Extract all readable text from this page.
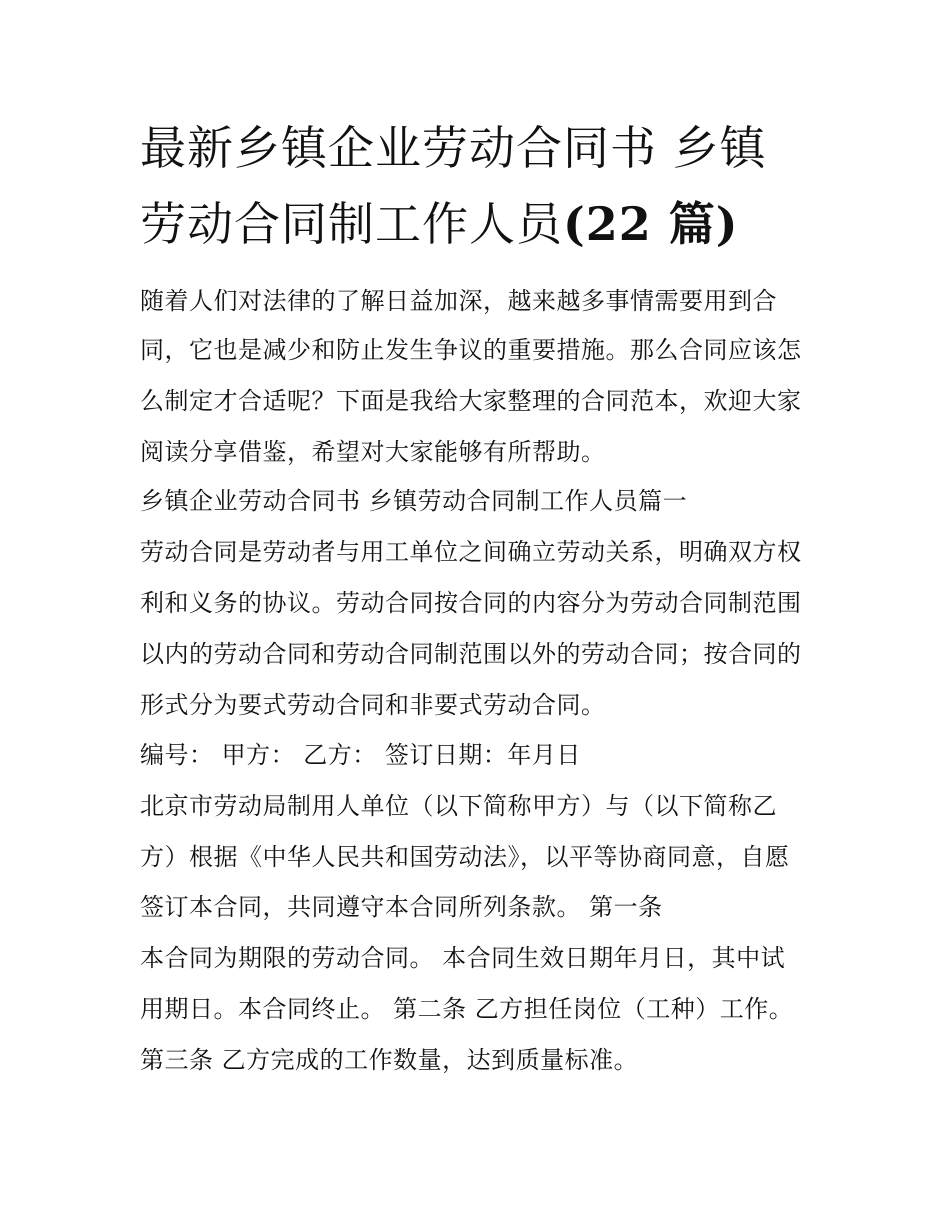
最新乡镇企业劳动合同书 乡镇
劳动合同制工作人员(22 篇)

随着人们对法律的了解日益加深，越来越多事情需要用到合

同，它也是减少和防止发生争议的重要措施。那么合同应该怎

么制定才合适呢？下面是我给大家整理的合同范本，欢迎大家

阅读分享借鉴，希望对大家能够有所帮助。

乡镇企业劳动合同书 乡镇劳动合同制工作人员篇一

劳动合同是劳动者与用工单位之间确立劳动关系，明确双方权

利和义务的协议。劳动合同按合同的内容分为劳动合同制范围

以内的劳动合同和劳动合同制范围以外的劳动合同；按合同的

形式分为要式劳动合同和非要式劳动合同。

编号： 甲方： 乙方： 签订日期：年月日

北京市劳动局制用人单位（以下简称甲方）与（以下简称乙

方）根据《中华人民共和国劳动法》，以平等协商同意，自愿

签订本合同，共同遵守本合同所列条款。 第一条

本合同为期限的劳动合同。 本合同生效日期年月日，其中试

用期日。本合同终止。 第二条 乙方担任岗位（工种）工作。

第三条 乙方完成的工作数量，达到质量标准。
